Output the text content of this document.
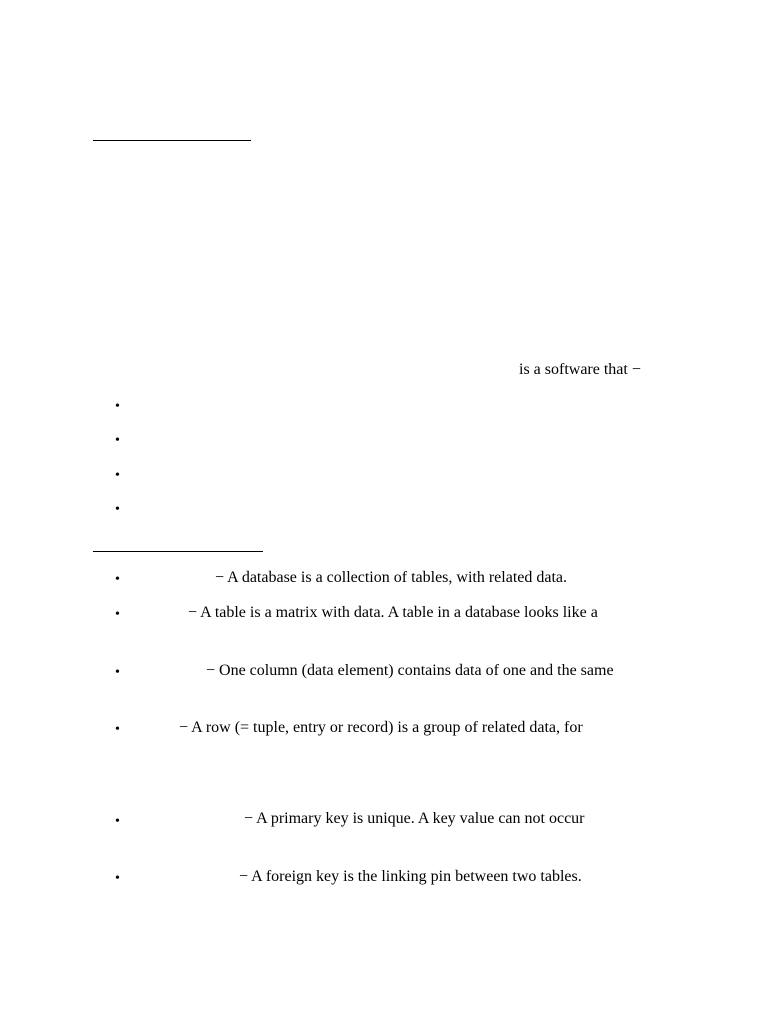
is a software that −
•
•
•
•
•	− A database is a collection of tables, with related data.
•	− A table is a matrix with data. A table in a database looks like a
•	− One column (data element) contains data of one and the same
•	− A row (= tuple, entry or record) is a group of related data, for
•	− A primary key is unique. A key value can not occur
•	− A foreign key is the linking pin between two tables.
